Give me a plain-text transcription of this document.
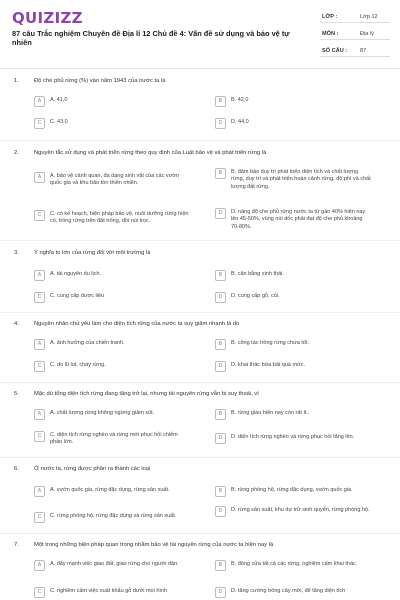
QUIZIZZ
87 câu Trắc nghiệm Chuyên đề Địa lí 12 Chủ đề 4: Vấn đề sử dụng và bảo vệ tự nhiên
LỚP :	Lớp 12
MÔN :	Địa lý
SỐ CÂU : 87
1.	Độ che phủ rừng (%) vào năm 1943 của nước ta là
A	A. 41,0	B	B. 42,0
C	C. 43,0	D	D. 44,0
2.	Nguyên tắc sử dụng và phát triển rừng theo quy định của Luật bảo vệ và phát triển rừng là
A	A. bảo vệ cảnh quan, đa dạng sinh vật của các vườn quốc gia và khu bảo tồn thiên nhiên.
B	B. đảm bảo duy trì phát triển diện tích và chất lượng rừng, duy trì và phát triển hoàn cảnh rừng, độ phì và chất lượng đất rừng.
C	C. có kế hoạch, biện pháp bảo vệ, nuôi dưỡng rừng hiện có, trồng rừng trên đất trống, đồi núi trọc.
D	D. nâng độ che phủ rừng nước ta từ gần 40% hiện nay lên 45-50%, vùng núi dốc phải đạt độ che phủ khoảng 70-80%.
3.	Ý nghĩa to lớn của rừng đối với môi trường là
A	A. tài nguyên du lịch.	B	B. cân bằng sinh thái.
C	C. cung cấp dược liệu	D	D. cung cấp gỗ, củi.
4.	Nguyên nhân chủ yếu làm cho diện tích rừng của nước ta suy giảm nhanh là do
A	A. ảnh hưởng của chiến tranh.	B	B. công tác trồng rừng chưa tốt.
C	C. do lũ lụt, cháy rừng.	D	D. khai thác bừa bãi quá mức.
5.	Mặc dù tổng diện tích rừng đang tăng trở lại, nhưng tài nguyên rừng vẫn bị suy thoái, vì
A	A. chất lượng rừng không ngừng giảm sút.	B	B. rừng giàu hiện nay còn rất ít.
C	C. diện tích rừng nghèo và rừng mới phục hồi chiếm phần lớn.
D	D. diện tích rừng nghèo và rừng phục hồi tăng lên.
6.	Ở nước ta, rừng được phân ra thành các loại
A	A. vườn quốc gia, rừng đặc dụng, rừng sản xuất.	B	B. rừng phòng hộ, rừng đặc dụng, vườn quốc gia.
C	C. rừng phòng hộ, rừng đặc dụng và rừng sản xuất.
D	D. rừng sản xuất, khu dự trữ sinh quyển, rừng phòng hộ.
7.	Một trong những biện pháp quan trọng nhằm bảo vệ tài nguyên rừng của nước ta hiện nay là
A	A. đẩy mạnh việc giao đất, giao rừng cho người dân.	B	B. đóng cửa tất cả các rừng, nghiêm cấm khai thác.
C	C. nghiêm cấm việc xuất khẩu gỗ dưới mọi hình	D	D. tăng cường trồng cây mới, để tăng diện tích
